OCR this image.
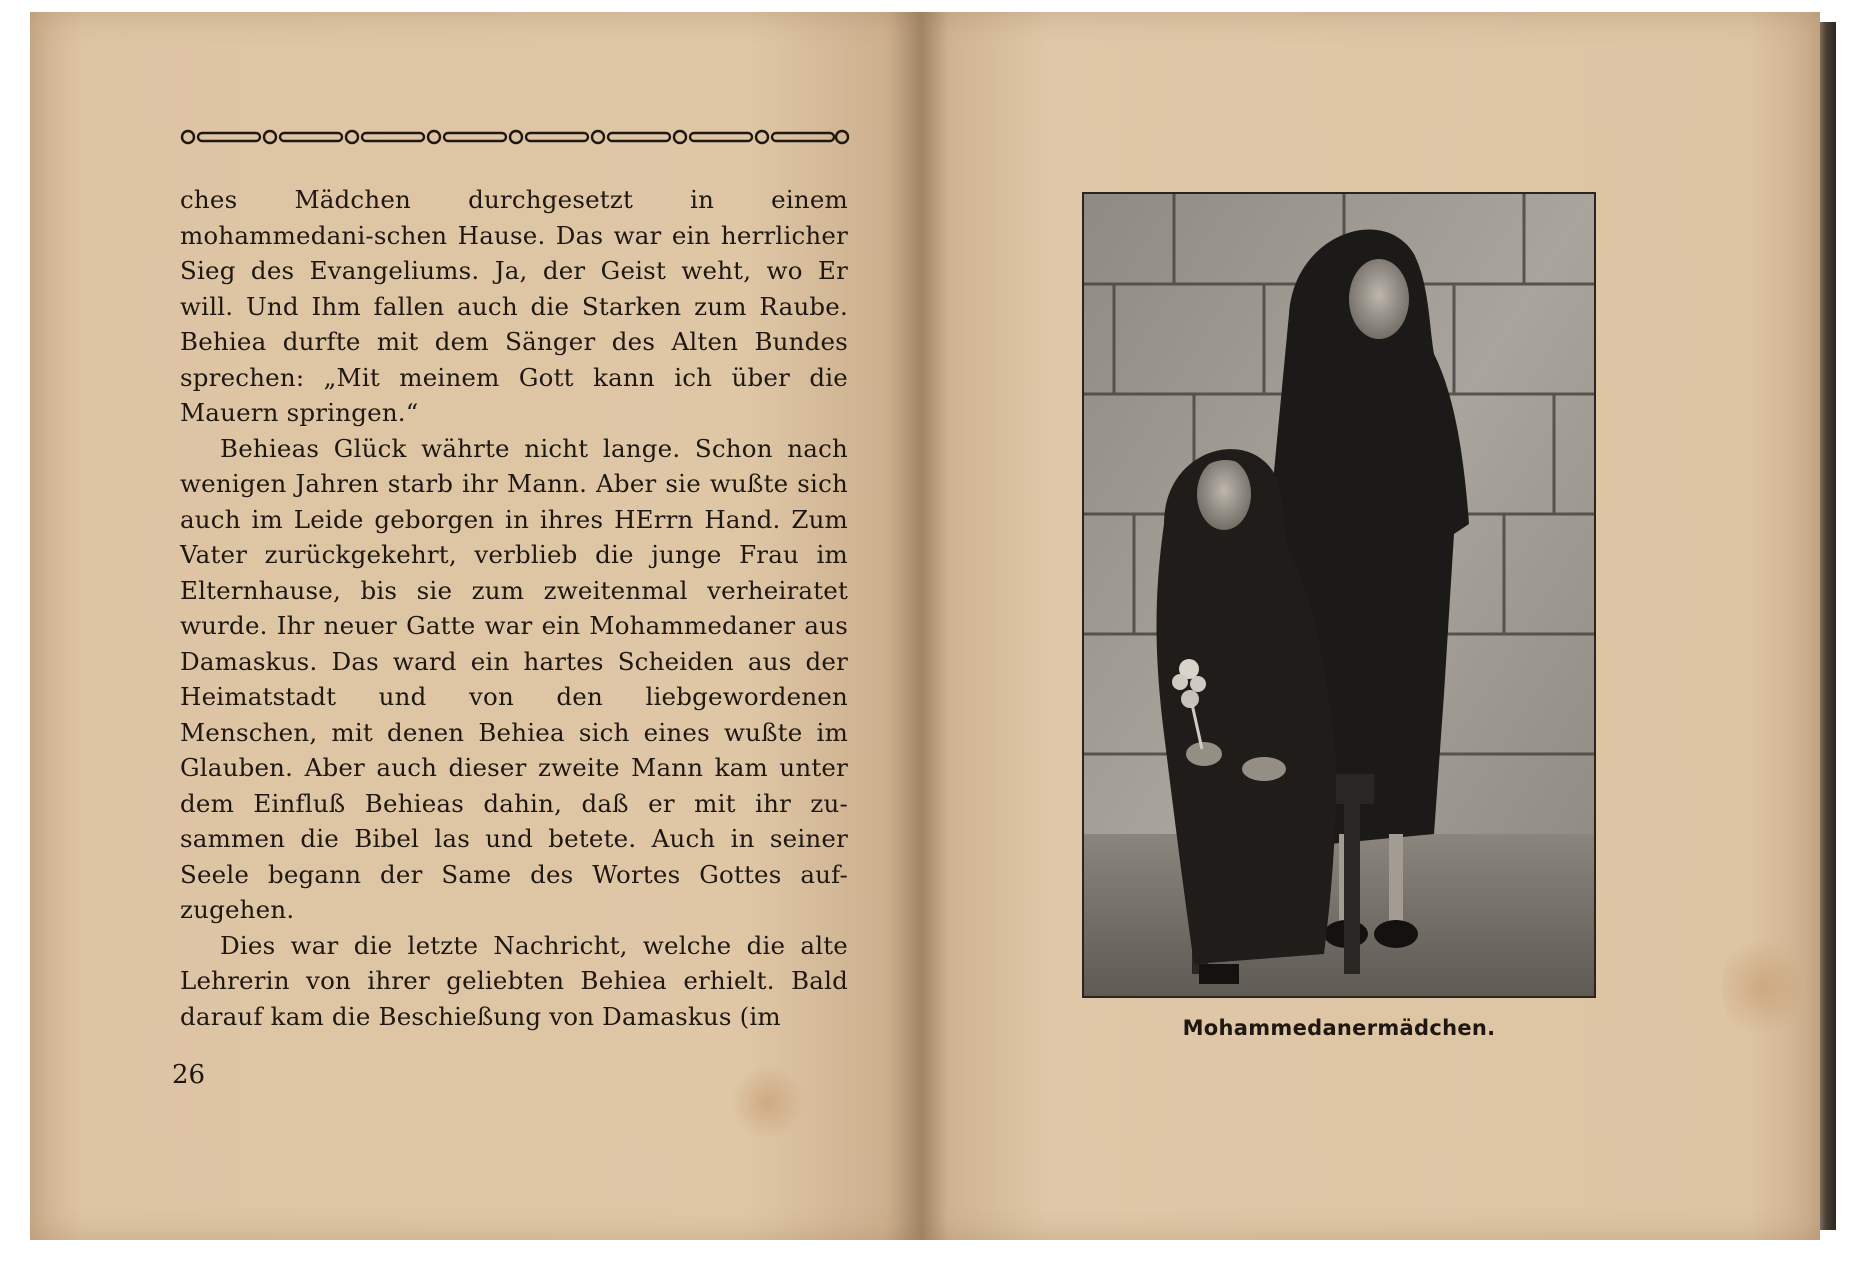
ches Mädchen durchgesetzt in einem mohammedani-schen Hause. Das war ein herrlicher Sieg des Evangeliums. Ja, der Geist weht, wo Er will. Und Ihm fallen auch die Starken zum Raube. Behiea durfte mit dem Sänger des Alten Bundes sprechen: „Mit meinem Gott kann ich über die Mauern springen.“

Behieas Glück währte nicht lange. Schon nach wenigen Jahren starb ihr Mann. Aber sie wußte sich auch im Leide geborgen in ihres HErrn Hand. Zum Vater zurückgekehrt, verblieb die junge Frau im Elternhause, bis sie zum zweitenmal verheiratet wurde. Ihr neuer Gatte war ein Mohammedaner aus Damaskus. Das ward ein hartes Scheiden aus der Heimatstadt und von den liebgewordenen Menschen, mit denen Behiea sich eines wußte im Glauben. Aber auch dieser zweite Mann kam unter dem Einfluß Behieas dahin, daß er mit ihr zu-sammen die Bibel las und betete. Auch in seiner Seele begann der Same des Wortes Gottes auf-zugehen.

Dies war die letzte Nachricht, welche die alte Lehrerin von ihrer geliebten Behiea erhielt. Bald darauf kam die Beschießung von Damaskus (im

26
Mohammedanermädchen.
